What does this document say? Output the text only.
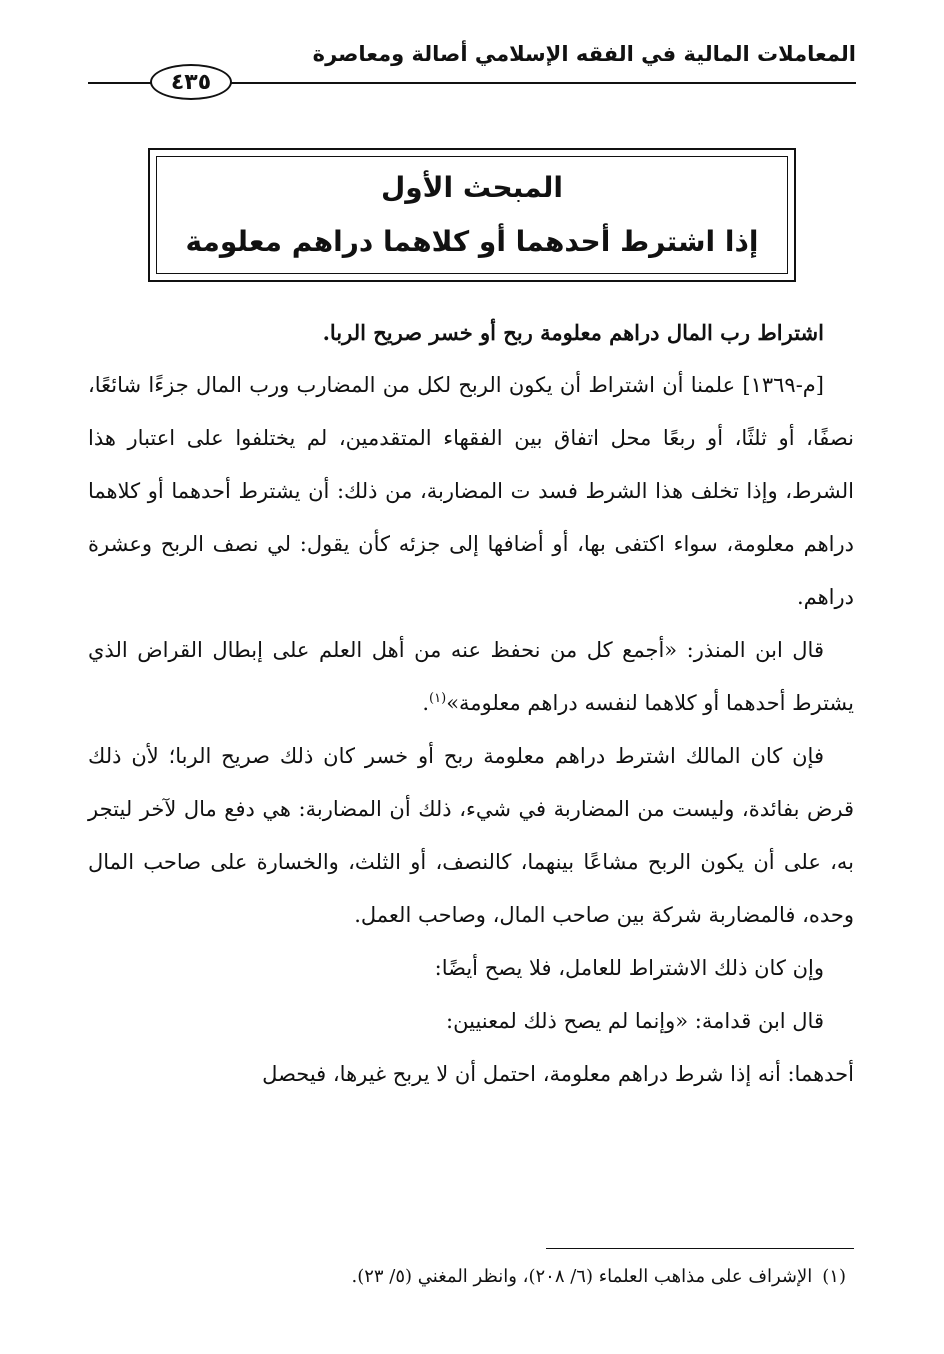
المعاملات المالية في الفقه الإسلامي أصالة ومعاصرة
٤٣٥
المبحث الأول
إذا اشترط أحدهما أو كلاهما دراهم معلومة

اشتراط رب المال دراهم معلومة ربح أو خسر صريح الربا.

[م-١٣٦٩] علمنا أن اشتراط أن يكون الربح لكل من المضارب ورب المال جزءًا شائعًا، نصفًا، أو ثلثًا، أو ربعًا محل اتفاق بين الفقهاء المتقدمين، لم يختلفوا على اعتبار هذا الشرط، وإذا تخلف هذا الشرط فسد ت المضاربة، من ذلك: أن يشترط أحدهما أو كلاهما دراهم معلومة، سواء اكتفى بها، أو أضافها إلى جزئه كأن يقول: لي نصف الربح وعشرة دراهم.

قال ابن المنذر: «أجمع كل من نحفظ عنه من أهل العلم على إبطال القراض الذي يشترط أحدهما أو كلاهما لنفسه دراهم معلومة»$^{(١)}$.

فإن كان المالك اشترط دراهم معلومة ربح أو خسر كان ذلك صريح الربا؛ لأن ذلك قرض بفائدة، وليست من المضاربة في شيء، ذلك أن المضاربة: هي دفع مال لآخر ليتجر به، على أن يكون الربح مشاعًا بينهما، كالنصف، أو الثلث، والخسارة على صاحب المال وحده، فالمضاربة شركة بين صاحب المال، وصاحب العمل.

وإن كان ذلك الاشتراط للعامل، فلا يصح أيضًا:

قال ابن قدامة: «وإنما لم يصح ذلك لمعنيين:

أحدهما: أنه إذا شرط دراهم معلومة، احتمل أن لا يربح غيرها، فيحصل

(١)الإشراف على مذاهب العلماء (٦/ ٢٠٨)، وانظر المغني (٥/ ٢٣).
